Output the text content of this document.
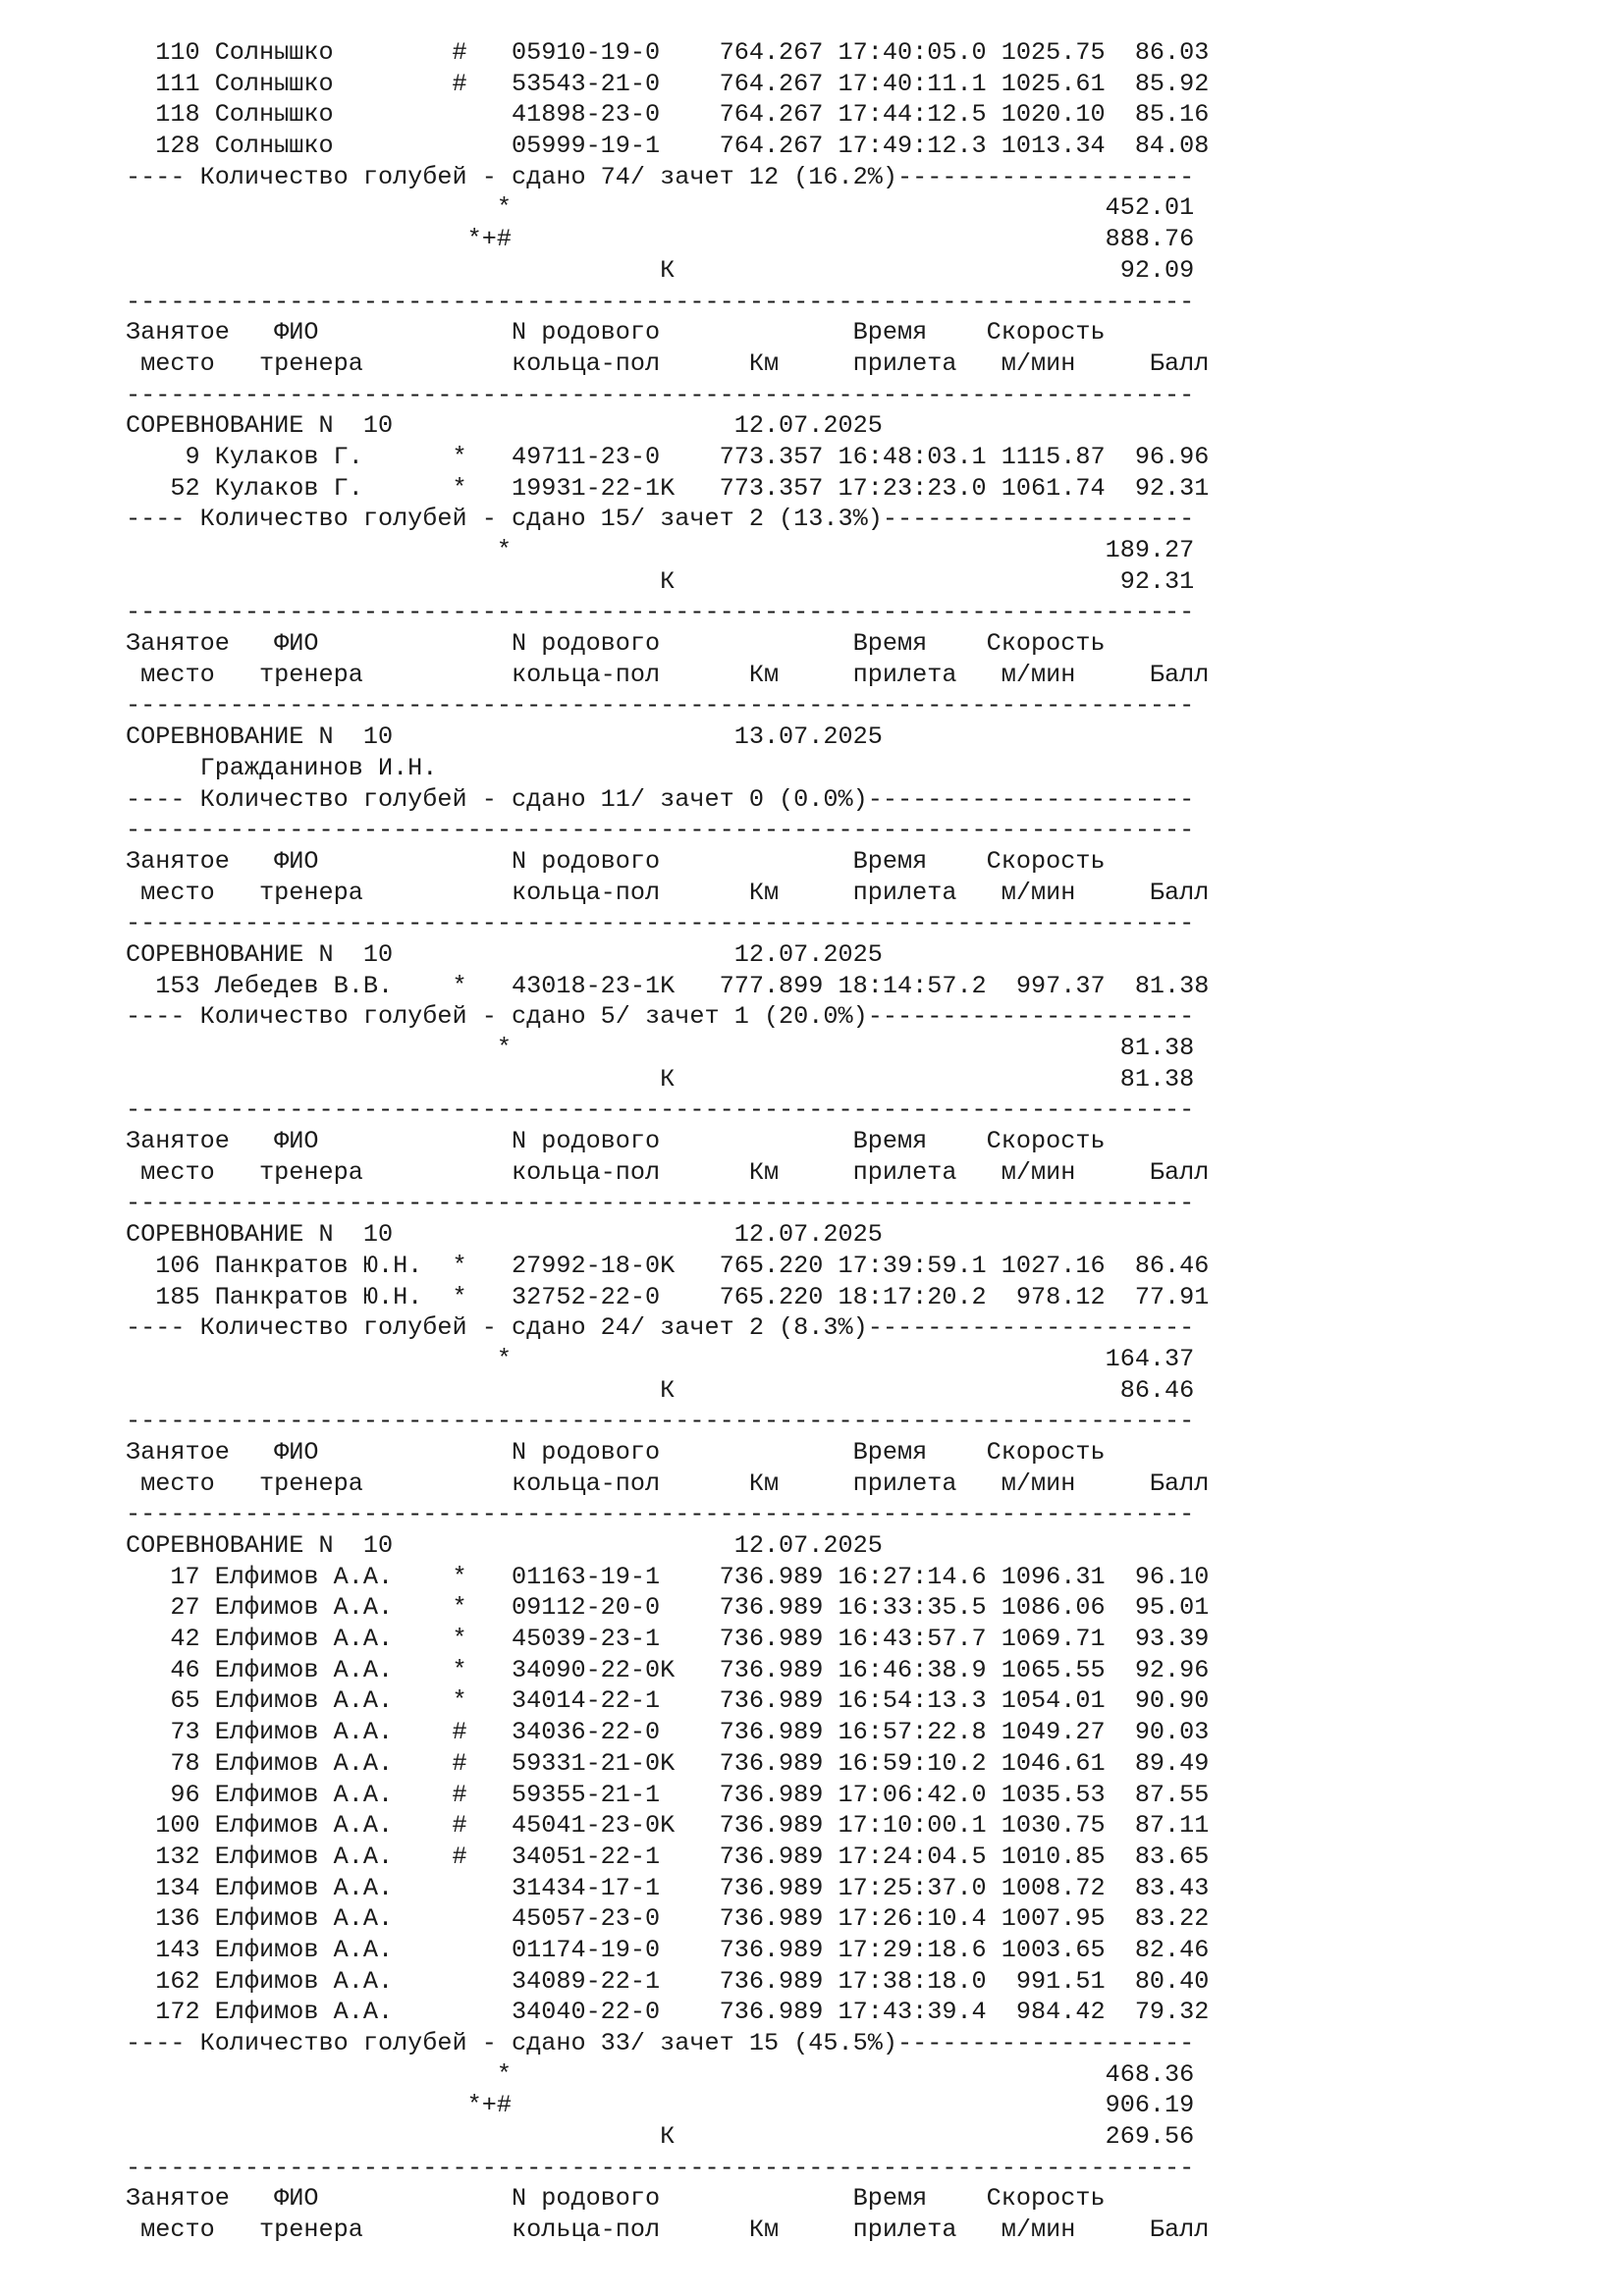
110 Солнышко        #   05910-19-0    764.267 17:40:05.0 1025.75  86.03
111 Солнышко        #   53543-21-0    764.267 17:40:11.1 1025.61  85.92
118 Солнышко            41898-23-0    764.267 17:44:12.5 1020.10  85.16
128 Солнышко            05999-19-1    764.267 17:49:12.3 1013.34  84.08
---- Количество голубей - сдано 74/ зачет 12 (16.2%)--------------------
*                                        452.01
*+#                                        888.76
К                              92.09
------------------------------------------------------------------------
Занятое   ФИО             N родового             Время    Скорость
место   тренера          кольца-пол      Км     прилета   м/мин     Балл
------------------------------------------------------------------------
СОРЕВНОВАНИЕ N  10                       12.07.2025
9 Кулаков Г.      *   49711-23-0    773.357 16:48:03.1 1115.87  96.96
52 Кулаков Г.      *   19931-22-1K   773.357 17:23:23.0 1061.74  92.31
---- Количество голубей - сдано 15/ зачет 2 (13.3%)---------------------
*                                        189.27
К                              92.31
------------------------------------------------------------------------
Занятое   ФИО             N родового             Время    Скорость
место   тренера          кольца-пол      Км     прилета   м/мин     Балл
------------------------------------------------------------------------
СОРЕВНОВАНИЕ N  10                       13.07.2025
Гражданинов И.Н.
---- Количество голубей - сдано 11/ зачет 0 (0.0%)----------------------
------------------------------------------------------------------------
Занятое   ФИО             N родового             Время    Скорость
место   тренера          кольца-пол      Км     прилета   м/мин     Балл
------------------------------------------------------------------------
СОРЕВНОВАНИЕ N  10                       12.07.2025
153 Лебедев В.В.    *   43018-23-1K   777.899 18:14:57.2  997.37  81.38
---- Количество голубей - сдано 5/ зачет 1 (20.0%)----------------------
*                                         81.38
К                              81.38
------------------------------------------------------------------------
Занятое   ФИО             N родового             Время    Скорость
место   тренера          кольца-пол      Км     прилета   м/мин     Балл
------------------------------------------------------------------------
СОРЕВНОВАНИЕ N  10                       12.07.2025
106 Панкратов Ю.Н.  *   27992-18-0K   765.220 17:39:59.1 1027.16  86.46
185 Панкратов Ю.Н.  *   32752-22-0    765.220 18:17:20.2  978.12  77.91
---- Количество голубей - сдано 24/ зачет 2 (8.3%)----------------------
*                                        164.37
К                              86.46
------------------------------------------------------------------------
Занятое   ФИО             N родового             Время    Скорость
место   тренера          кольца-пол      Км     прилета   м/мин     Балл
------------------------------------------------------------------------
СОРЕВНОВАНИЕ N  10                       12.07.2025
17 Елфимов А.А.    *   01163-19-1    736.989 16:27:14.6 1096.31  96.10
27 Елфимов А.А.    *   09112-20-0    736.989 16:33:35.5 1086.06  95.01
42 Елфимов А.А.    *   45039-23-1    736.989 16:43:57.7 1069.71  93.39
46 Елфимов А.А.    *   34090-22-0K   736.989 16:46:38.9 1065.55  92.96
65 Елфимов А.А.    *   34014-22-1    736.989 16:54:13.3 1054.01  90.90
73 Елфимов А.А.    #   34036-22-0    736.989 16:57:22.8 1049.27  90.03
78 Елфимов А.А.    #   59331-21-0K   736.989 16:59:10.2 1046.61  89.49
96 Елфимов А.А.    #   59355-21-1    736.989 17:06:42.0 1035.53  87.55
100 Елфимов А.А.    #   45041-23-0K   736.989 17:10:00.1 1030.75  87.11
132 Елфимов А.А.    #   34051-22-1    736.989 17:24:04.5 1010.85  83.65
134 Елфимов А.А.        31434-17-1    736.989 17:25:37.0 1008.72  83.43
136 Елфимов А.А.        45057-23-0    736.989 17:26:10.4 1007.95  83.22
143 Елфимов А.А.        01174-19-0    736.989 17:29:18.6 1003.65  82.46
162 Елфимов А.А.        34089-22-1    736.989 17:38:18.0  991.51  80.40
172 Елфимов А.А.        34040-22-0    736.989 17:43:39.4  984.42  79.32
---- Количество голубей - сдано 33/ зачет 15 (45.5%)--------------------
*                                        468.36
*+#                                        906.19
К                             269.56
------------------------------------------------------------------------
Занятое   ФИО             N родового             Время    Скорость
место   тренера          кольца-пол      Км     прилета   м/мин     Балл
